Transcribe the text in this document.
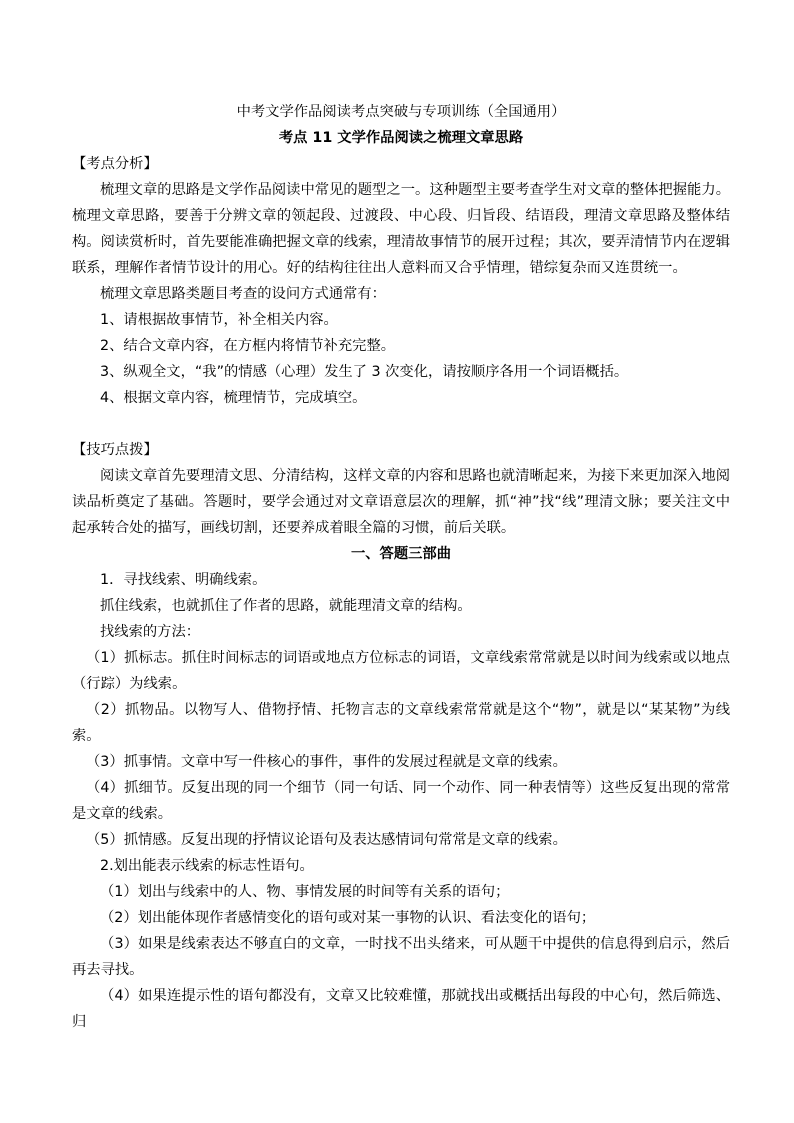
中考文学作品阅读考点突破与专项训练（全国通用）

考点 11 文学作品阅读之梳理文章思路

【考点分析】

梳理文章的思路是文学作品阅读中常见的题型之一。这种题型主要考查学生对文章的整体把握能力。梳理文章思路，要善于分辨文章的领起段、过渡段、中心段、归旨段、结语段，理清文章思路及整体结构。阅读赏析时，首先要能准确把握文章的线索，理清故事情节的展开过程；其次，要弄清情节内在逻辑联系，理解作者情节设计的用心。好的结构往往出人意料而又合乎情理，错综复杂而又连贯统一。

梳理文章思路类题目考查的设问方式通常有：

1、请根据故事情节，补全相关内容。

2、结合文章内容，在方框内将情节补充完整。

3、纵观全文，“我”的情感（心理）发生了 3 次变化，请按顺序各用一个词语概括。

4、根据文章内容，梳理情节，完成填空。

【技巧点拨】

阅读文章首先要理清文思、分清结构，这样文章的内容和思路也就清晰起来，为接下来更加深入地阅读品析奠定了基础。答题时，要学会通过对文章语意层次的理解，抓“神”找“线”理清文脉；要关注文中起承转合处的描写，画线切割，还要养成着眼全篇的习惯，前后关联。

一、答题三部曲

1．寻找线索、明确线索。

抓住线索，也就抓住了作者的思路，就能理清文章的结构。

找线索的方法：

（1）抓标志。抓住时间标志的词语或地点方位标志的词语，文章线索常常就是以时间为线索或以地点（行踪）为线索。

（2）抓物品。以物写人、借物抒情、托物言志的文章线索常常就是这个“物”，就是以“某某物”为线索。

（3）抓事情。文章中写一件核心的事件，事件的发展过程就是文章的线索。

（4）抓细节。反复出现的同一个细节（同一句话、同一个动作、同一种表情等）这些反复出现的常常是文章的线索。

（5）抓情感。反复出现的抒情议论语句及表达感情词句常常是文章的线索。

2.划出能表示线索的标志性语句。

（1）划出与线索中的人、物、事情发展的时间等有关系的语句；

（2）划出能体现作者感情变化的语句或对某一事物的认识、看法变化的语句；

（3）如果是线索表达不够直白的文章，一时找不出头绪来，可从题干中提供的信息得到启示，然后再去寻找。

（4）如果连提示性的语句都没有，文章又比较难懂，那就找出或概括出每段的中心句，然后筛选、归
